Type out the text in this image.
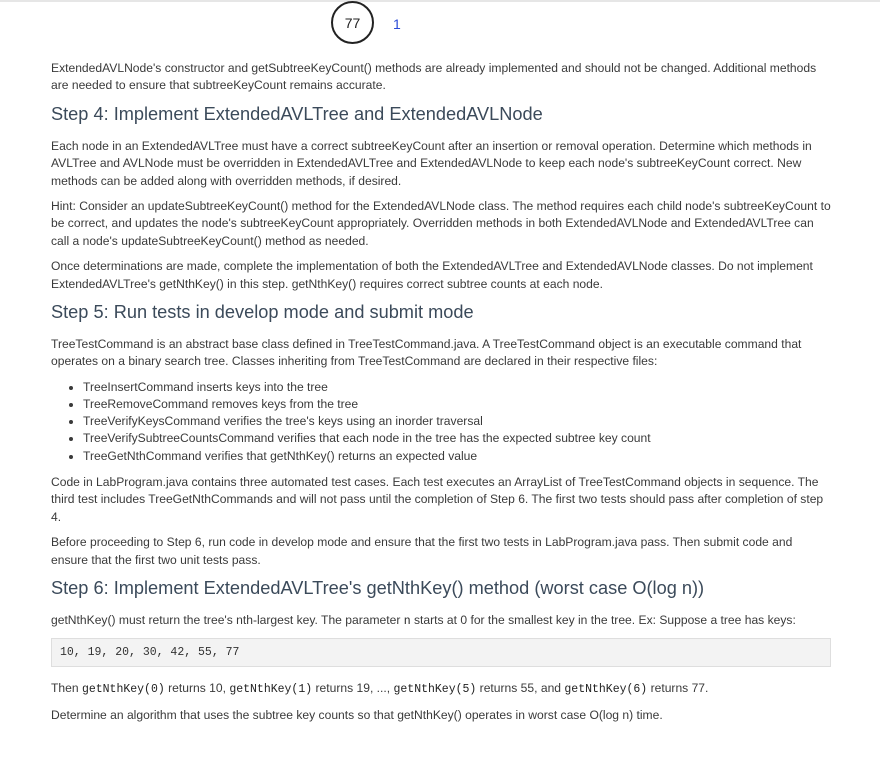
77	1

ExtendedAVLNode's constructor and getSubtreeKeyCount() methods are already implemented and should not be changed. Additional methods are needed to ensure that subtreeKeyCount remains accurate.

Step 4: Implement ExtendedAVLTree and ExtendedAVLNode

Each node in an ExtendedAVLTree must have a correct subtreeKeyCount after an insertion or removal operation. Determine which methods in AVLTree and AVLNode must be overridden in ExtendedAVLTree and ExtendedAVLNode to keep each node's subtreeKeyCount correct. New methods can be added along with overridden methods, if desired.

Hint: Consider an updateSubtreeKeyCount() method for the ExtendedAVLNode class. The method requires each child node's subtreeKeyCount to be correct, and updates the node's subtreeKeyCount appropriately. Overridden methods in both ExtendedAVLNode and ExtendedAVLTree can call a node's updateSubtreeKeyCount() method as needed.

Once determinations are made, complete the implementation of both the ExtendedAVLTree and ExtendedAVLNode classes. Do not implement ExtendedAVLTree's getNthKey() in this step. getNthKey() requires correct subtree counts at each node.

Step 5: Run tests in develop mode and submit mode

TreeTestCommand is an abstract base class defined in TreeTestCommand.java. A TreeTestCommand object is an executable command that operates on a binary search tree. Classes inheriting from TreeTestCommand are declared in their respective files:

• TreeInsertCommand inserts keys into the tree
• TreeRemoveCommand removes keys from the tree
• TreeVerifyKeysCommand verifies the tree's keys using an inorder traversal
• TreeVerifySubtreeCountsCommand verifies that each node in the tree has the expected subtree key count
• TreeGetNthCommand verifies that getNthKey() returns an expected value

Code in LabProgram.java contains three automated test cases. Each test executes an ArrayList of TreeTestCommand objects in sequence. The third test includes TreeGetNthCommands and will not pass until the completion of Step 6. The first two tests should pass after completion of step 4.

Before proceeding to Step 6, run code in develop mode and ensure that the first two tests in LabProgram.java pass. Then submit code and ensure that the first two unit tests pass.

Step 6: Implement ExtendedAVLTree's getNthKey() method (worst case O(log n))

getNthKey() must return the tree's nth-largest key. The parameter n starts at 0 for the smallest key in the tree. Ex: Suppose a tree has keys:

10, 19, 20, 30, 42, 55, 77

Then getNthKey(0) returns 10, getNthKey(1) returns 19, ..., getNthKey(5) returns 55, and getNthKey(6) returns 77.

Determine an algorithm that uses the subtree key counts so that getNthKey() operates in worst case O(log n) time.
